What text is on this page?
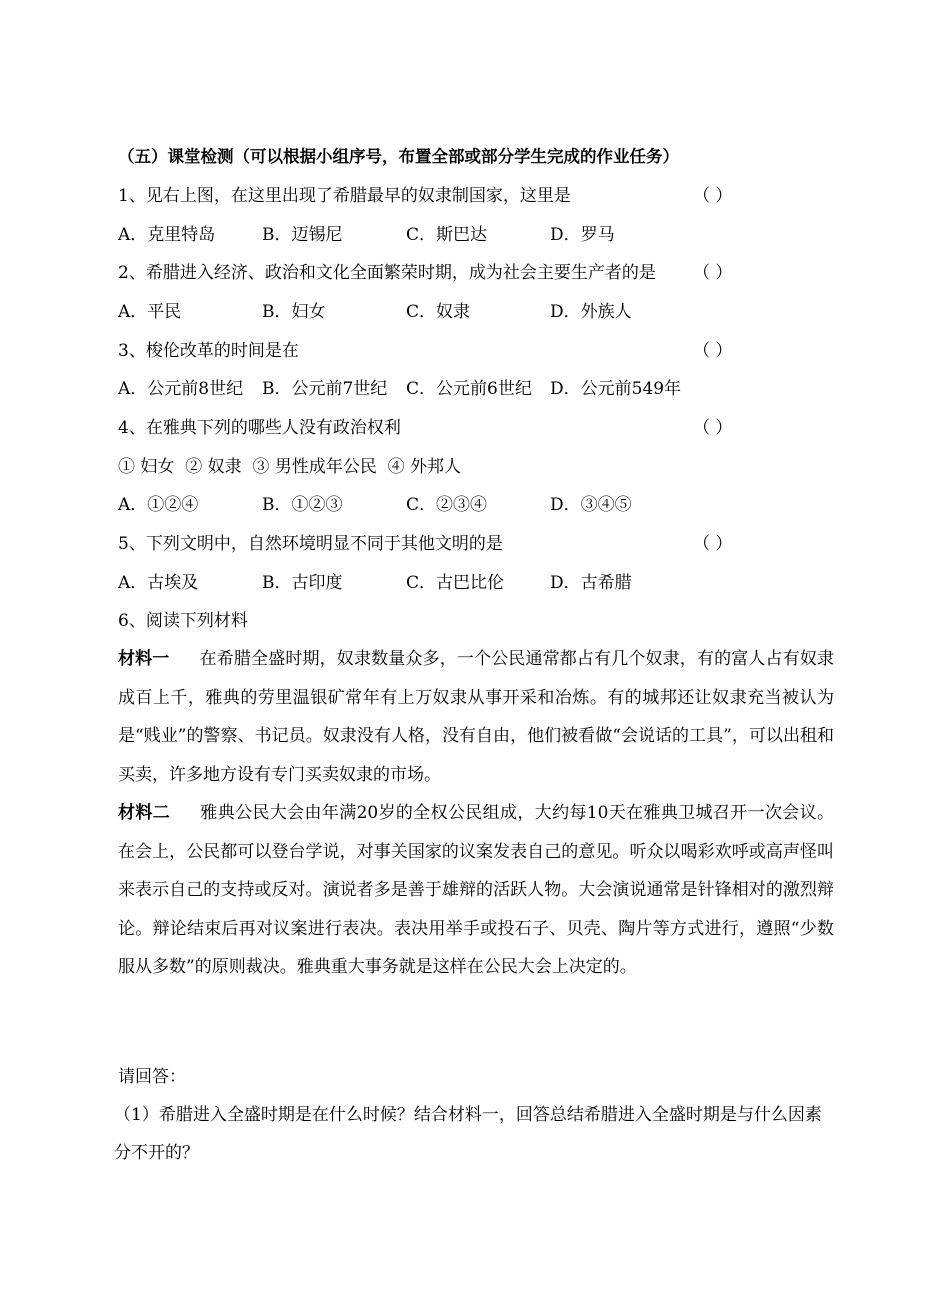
（五）课堂检测（可以根据小组序号，布置全部或部分学生完成的作业任务）
1、见右上图，在这里出现了希腊最早的奴隶制国家，这里是	（ ）
A．克里特岛	B．迈锡尼	C．斯巴达	D．罗马
2、希腊进入经济、政治和文化全面繁荣时期，成为社会主要生产者的是 （ ）
A．平民	B．妇女	C．奴隶	D．外族人
3、梭伦改革的时间是在	（ ）
A．公元前8世纪 B．公元前7世纪 C．公元前6世纪 D．公元前549年
4、在雅典下列的哪些人没有政治权利	（ ）
① 妇女  ② 奴隶  ③ 男性成年公民  ④ 外邦人
A．①②④	B．①②③	C．②③④	D．③④⑤
5、下列文明中，自然环境明显不同于其他文明的是	（ ）
A．古埃及	B．古印度	C．古巴比伦	D．古希腊
6、阅读下列材料
材料一 在希腊全盛时期，奴隶数量众多，一个公民通常都占有几个奴隶，有的富人占有奴隶成百上千，雅典的劳里温银矿常年有上万奴隶从事开采和冶炼。有的城邦还让奴隶充当被认为是“贱业”的警察、书记员。奴隶没有人格，没有自由，他们被看做“会说话的工具”，可以出租和买卖，许多地方设有专门买卖奴隶的市场。
材料二 雅典公民大会由年满20岁的全权公民组成，大约每10天在雅典卫城召开一次会议。在会上，公民都可以登台学说，对事关国家的议案发表自己的意见。听众以喝彩欢呼或高声怪叫来表示自己的支持或反对。演说者多是善于雄辩的活跃人物。大会演说通常是针锋相对的激烈辩论。辩论结束后再对议案进行表决。表决用举手或投石子、贝壳、陶片等方式进行，遵照“少数服从多数”的原则裁决。雅典重大事务就是这样在公民大会上决定的。
请回答：
（1）希腊进入全盛时期是在什么时候？结合材料一，回答总结希腊进入全盛时期是与什么因素分不开的？
